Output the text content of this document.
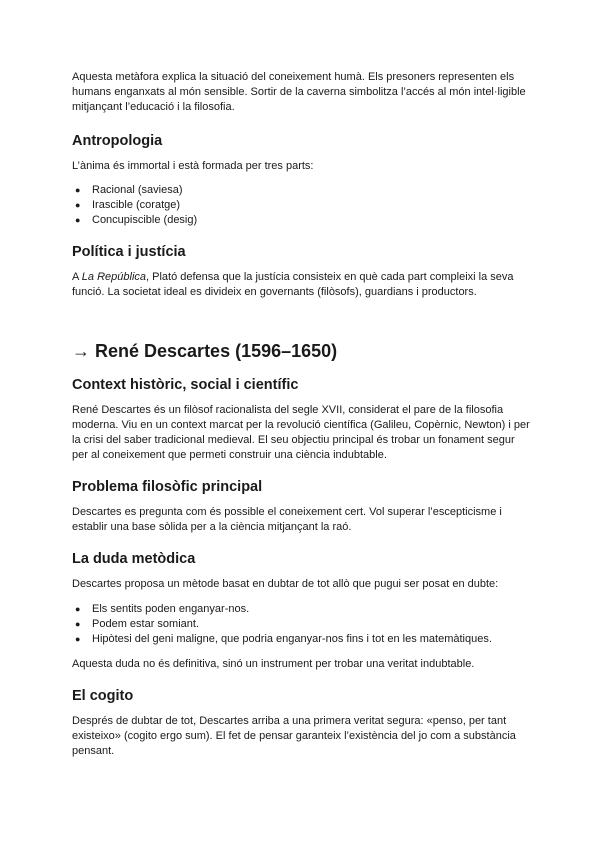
Aquesta metàfora explica la situació del coneixement humà. Els presoners representen els humans enganxats al món sensible. Sortir de la caverna simbolitza l’accés al món intel·ligible mitjançant l’educació i la filosofia.

Antropologia

L’ànima és immortal i està formada per tres parts:

● Racional (saviesa)
● Irascible (coratge)
● Concupiscible (desig)
Política i justícia

A La República, Plató defensa que la justícia consisteix en què cada part compleixi la seva funció. La societat ideal es divideix en governants (filòsofs), guardians i productors.

→ René Descartes (1596–1650)
Context històric, social i científic

René Descartes és un filòsof racionalista del segle XVII, considerat el pare de la filosofia moderna. Viu en un context marcat per la revolució científica (Galileu, Copèrnic, Newton) i per la crisi del saber tradicional medieval. El seu objectiu principal és trobar un fonament segur per al coneixement que permeti construir una ciència indubtable.

Problema filosòfic principal

Descartes es pregunta com és possible el coneixement cert. Vol superar l’escepticisme i establir una base sòlida per a la ciència mitjançant la raó.

La duda metòdica

Descartes proposa un mètode basat en dubtar de tot allò que pugui ser posat en dubte:

● Els sentits poden enganyar-nos.
● Podem estar somiant.
● Hipòtesi del geni maligne, que podria enganyar-nos fins i tot en les matemàtiques.

Aquesta duda no és definitiva, sinó un instrument per trobar una veritat indubtable.

El cogito

Després de dubtar de tot, Descartes arriba a una primera veritat segura: «penso, per tant existeixo» (cogito ergo sum). El fet de pensar garanteix l’existència del jo com a substància pensant.
